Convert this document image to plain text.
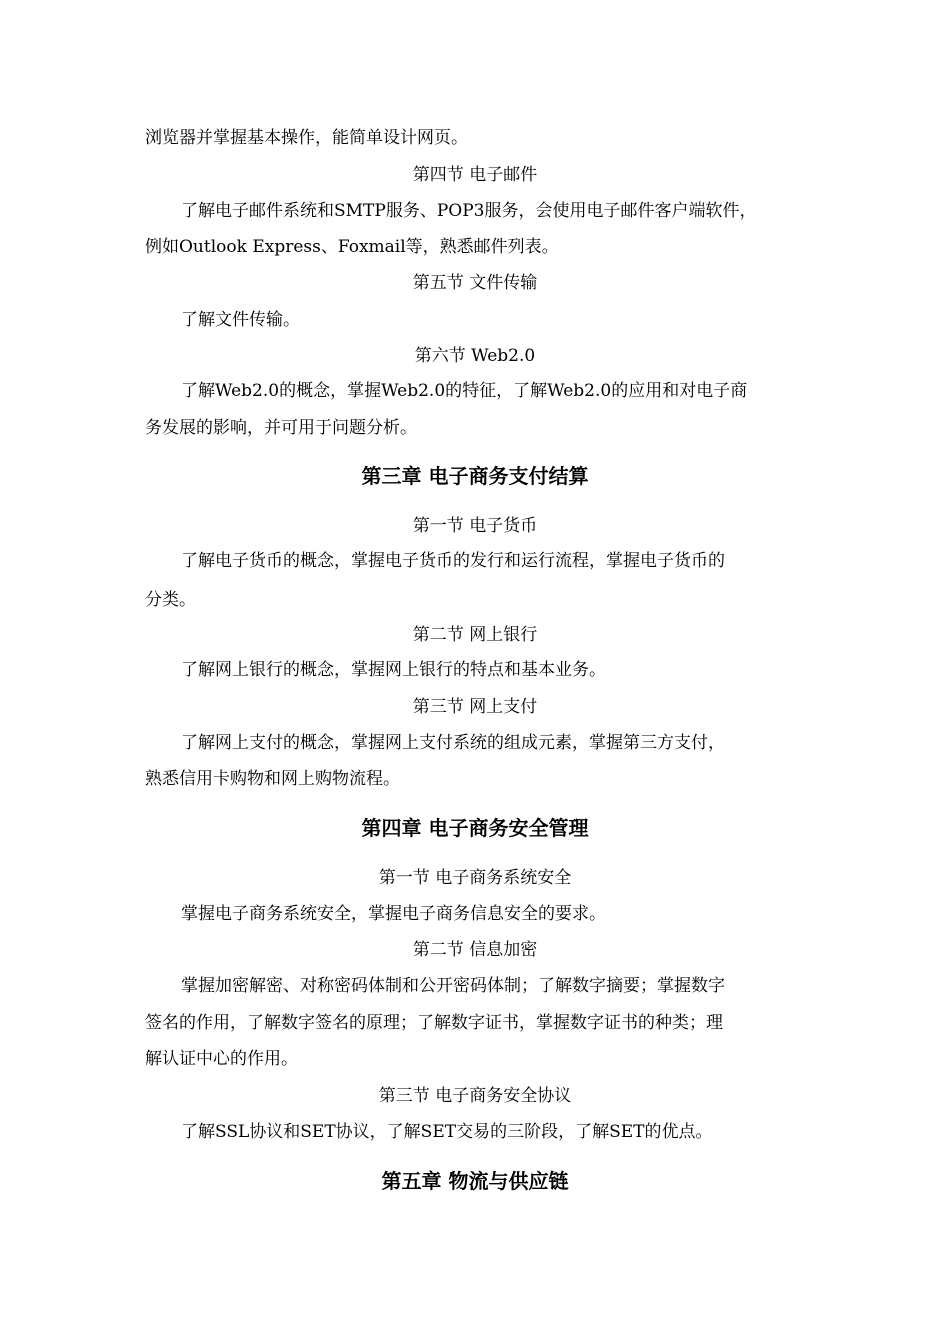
浏览器并掌握基本操作，能简单设计网页。
第四节 电子邮件
了解电子邮件系统和SMTP服务、POP3服务，会使用电子邮件客户端软件，
例如Outlook Express、Foxmail等，熟悉邮件列表。
第五节 文件传输
了解文件传输。
第六节 Web2.0
了解Web2.0的概念，掌握Web2.0的特征，了解Web2.0的应用和对电子商
务发展的影响，并可用于问题分析。
第三章 电子商务支付结算
第一节 电子货币
了解电子货币的概念，掌握电子货币的发行和运行流程，掌握电子货币的
分类。
第二节 网上银行
了解网上银行的概念，掌握网上银行的特点和基本业务。
第三节 网上支付
了解网上支付的概念，掌握网上支付系统的组成元素，掌握第三方支付，
熟悉信用卡购物和网上购物流程。
第四章 电子商务安全管理
第一节 电子商务系统安全
掌握电子商务系统安全，掌握电子商务信息安全的要求。
第二节 信息加密
掌握加密解密、对称密码体制和公开密码体制；了解数字摘要；掌握数字
签名的作用，了解数字签名的原理；了解数字证书，掌握数字证书的种类；理
解认证中心的作用。
第三节 电子商务安全协议
了解SSL协议和SET协议，了解SET交易的三阶段，了解SET的优点。
第五章 物流与供应链
